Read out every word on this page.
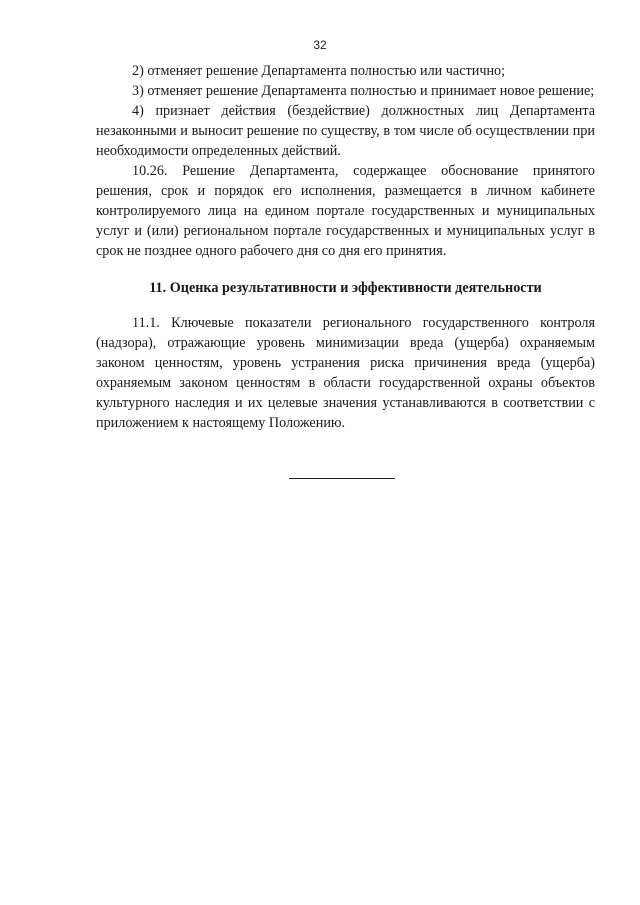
32

2) отменяет решение Департамента полностью или частично;

3) отменяет решение Департамента полностью и принимает новое решение;

4) признает действия (бездействие) должностных лиц Департамента незаконными и выносит решение по существу, в том числе об осуществлении при необходимости определенных действий.

10.26. Решение Департамента, содержащее обоснование принятого решения, срок и порядок его исполнения, размещается в личном кабинете контролируемого лица на едином портале государственных и муниципальных услуг и (или) региональном портале государственных и муниципальных услуг в срок не позднее одного рабочего дня со дня его принятия.

11. Оценка результативности и эффективности деятельности

11.1. Ключевые показатели регионального государственного контроля (надзора), отражающие уровень минимизации вреда (ущерба) охраняемым законом ценностям, уровень устранения риска причинения вреда (ущерба) охраняемым законом ценностям в области государственной охраны объектов культурного наследия и их целевые значения устанавливаются в соответствии с приложением к настоящему Положению.
